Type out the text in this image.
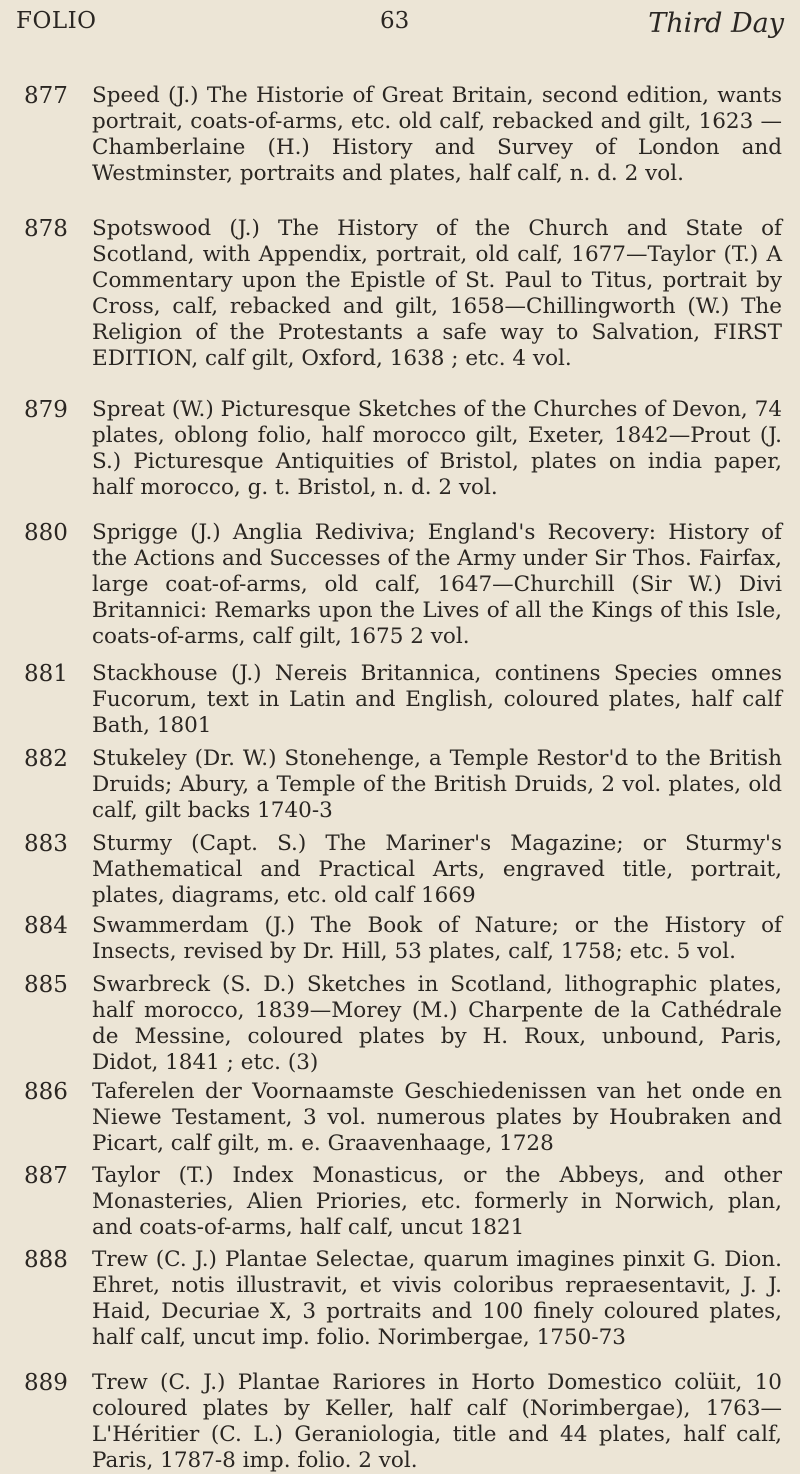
FOLIO	63	Third Day
877 Speed (J.) The Historie of Great Britain, second edition, wants portrait, coats-of-arms, etc. old calf, rebacked and gilt, 1623 —Chamberlaine (H.) History and Survey of London and Westminster, portraits and plates, half calf, n. d. 2 vol.
878 Spotswood (J.) The History of the Church and State of Scotland, with Appendix, portrait, old calf, 1677—Taylor (T.) A Commentary upon the Epistle of St. Paul to Titus, portrait by Cross, calf, rebacked and gilt, 1658—Chillingworth (W.) The Religion of the Protestants a safe way to Salvation, FIRST EDITION, calf gilt, Oxford, 1638 ; etc. 4 vol.
879 Spreat (W.) Picturesque Sketches of the Churches of Devon, 74 plates, oblong folio, half morocco gilt, Exeter, 1842—Prout (J. S.) Picturesque Antiquities of Bristol, plates on india paper, half morocco, g. t. Bristol, n. d. 2 vol.
880 Sprigge (J.) Anglia Rediviva; England's Recovery: History of the Actions and Successes of the Army under Sir Thos. Fairfax, large coat-of-arms, old calf, 1647—Churchill (Sir W.) Divi Britannici: Remarks upon the Lives of all the Kings of this Isle, coats-of-arms, calf gilt, 1675 2 vol.
881 Stackhouse (J.) Nereis Britannica, continens Species omnes Fucorum, text in Latin and English, coloured plates, half calf Bath, 1801
882 Stukeley (Dr. W.) Stonehenge, a Temple Restor'd to the British Druids; Abury, a Temple of the British Druids, 2 vol. plates, old calf, gilt backs 1740-3
883 Sturmy (Capt. S.) The Mariner's Magazine; or Sturmy's Mathematical and Practical Arts, engraved title, portrait, plates, diagrams, etc. old calf 1669
884 Swammerdam (J.) The Book of Nature; or the History of Insects, revised by Dr. Hill, 53 plates, calf, 1758; etc. 5 vol.
885 Swarbreck (S. D.) Sketches in Scotland, lithographic plates, half morocco, 1839—Morey (M.) Charpente de la Cathédrale de Messine, coloured plates by H. Roux, unbound, Paris, Didot, 1841 ; etc. (3)
886 Taferelen der Voornaamste Geschiedenissen van het onde en Niewe Testament, 3 vol. numerous plates by Houbraken and Picart, calf gilt, m. e. Graavenhaage, 1728
887 Taylor (T.) Index Monasticus, or the Abbeys, and other Monasteries, Alien Priories, etc. formerly in Norwich, plan, and coats-of-arms, half calf, uncut 1821
888 Trew (C. J.) Plantae Selectae, quarum imagines pinxit G. Dion. Ehret, notis illustravit, et vivis coloribus repraesentavit, J. J. Haid, Decuriae X, 3 portraits and 100 finely coloured plates, half calf, uncut imp. folio. Norimbergae, 1750-73
889 Trew (C. J.) Plantae Rariores in Horto Domestico colüit, 10 coloured plates by Keller, half calf (Norimbergae), 1763—L'Héritier (C. L.) Geraniologia, title and 44 plates, half calf, Paris, 1787-8 imp. folio. 2 vol.
